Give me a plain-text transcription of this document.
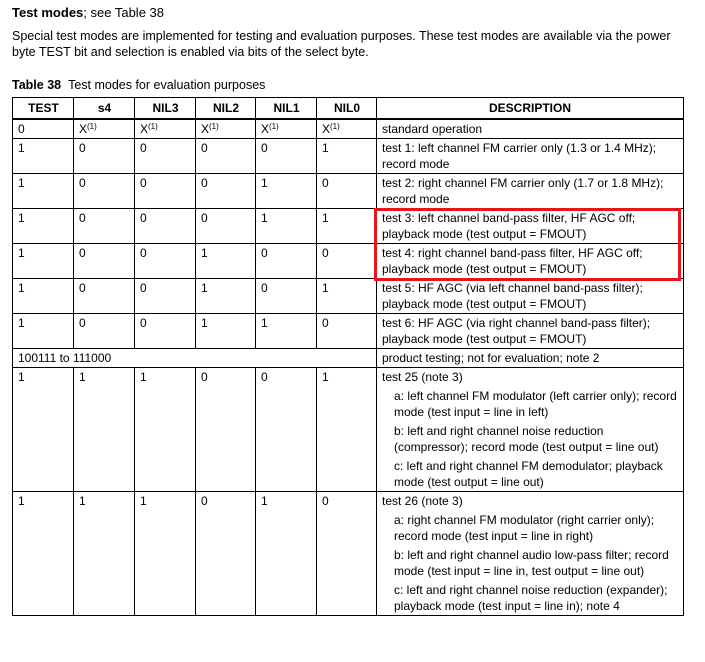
Test modes; see Table 38
Special test modes are implemented for testing and evaluation purposes. These test modes are available via the power byte TEST bit and selection is enabled via bits of the select byte.
Table 38 Test modes for evaluation purposes
TEST	s4	NIL3	NIL2	NIL1	NIL0	DESCRIPTION
0	$X^{(1)}$	$X^{(1)}$	$X^{(1)}$	$X^{(1)}$	$X^{(1)}$	standard operation
1	0	0	0	0	1	test 1: left channel FM carrier only (1.3 or 1.4 MHz); record mode
1	0	0	0	1	0	test 2: right channel FM carrier only (1.7 or 1.8 MHz); record mode
1	0	0	0	1	1	test 3: left channel band-pass filter, HF AGC off; playback mode (test output = FMOUT)
1	0	0	1	0	0	test 4: right channel band-pass filter, HF AGC off; playback mode (test output = FMOUT)
1	0	0	1	0	1	test 5: HF AGC (via left channel band-pass filter); playback mode (test output = FMOUT)
1	0	0	1	1	0	test 6: HF AGC (via right channel band-pass filter); playback mode (test output = FMOUT)
100111 to 111000						product testing; not for evaluation; note 2
1	1	1	0	0	1	test 25 (note 3)
a: left channel FM modulator (left carrier only); record mode (test input = line in left)
b: left and right channel noise reduction (compressor); record mode (test output = line out)
c: left and right channel FM demodulator; playback mode (test output = line out)

1	1	1	0	1	0	test 26 (note 3)
a: right channel FM modulator (right carrier only); record mode (test input = line in right)
b: left and right channel audio low-pass filter; record mode (test input = line in, test output = line out)
c: left and right channel noise reduction (expander); playback mode (test input = line in); note 4
